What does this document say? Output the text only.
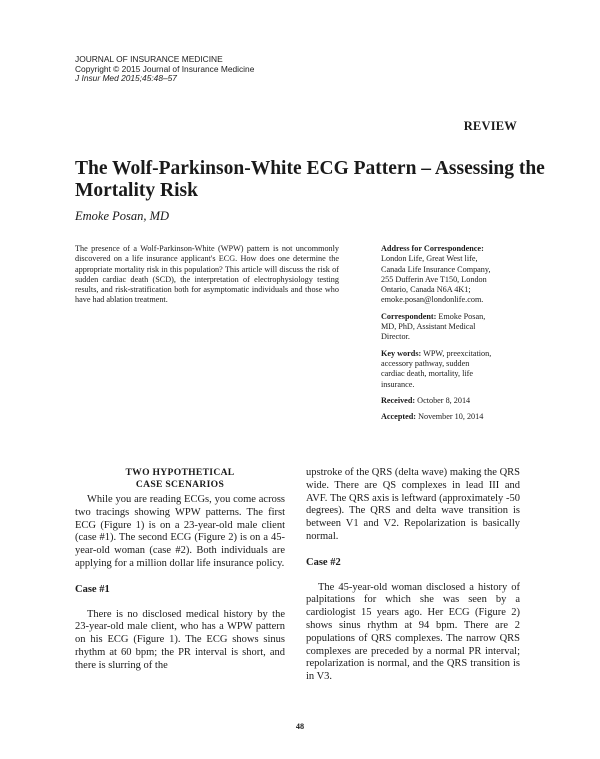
JOURNAL OF INSURANCE MEDICINE
Copyright © 2015 Journal of Insurance Medicine
J Insur Med 2015;45:48–57
REVIEW
The Wolf-Parkinson-White ECG Pattern – Assessing the Mortality Risk
Emoke Posan, MD
The presence of a Wolf-Parkinson-White (WPW) pattern is not uncommonly discovered on a life insurance applicant's ECG. How does one determine the appropriate mortality risk in this population? This article will discuss the risk of sudden cardiac death (SCD), the interpretation of electrophysiology testing results, and risk-stratification both for asymptomatic individuals and those who have had ablation treatment.
Address for Correspondence:
London Life, Great West life,
Canada Life Insurance Company,
255 Dufferin Ave T150, London
Ontario, Canada N6A 4K1;
emoke.posan@londonlife.com.
Correspondent: Emoke Posan,
MD, PhD, Assistant Medical
Director.
Key words: WPW, preexcitation,
accessory pathway, sudden
cardiac death, mortality, life
insurance.
Received: October 8, 2014
Accepted: November 10, 2014
TWO HYPOTHETICAL
CASE SCENARIOS

While you are reading ECGs, you come across two tracings showing WPW patterns. The first ECG (Figure 1) is on a 23-year-old male client (case #1). The second ECG (Figure 2) is on a 45-year-old woman (case #2). Both individuals are applying for a million dollar life insurance policy.

Case #1

There is no disclosed medical history by the 23-year-old male client, who has a WPW pattern on his ECG (Figure 1). The ECG shows sinus rhythm at 60 bpm; the PR interval is short, and there is slurring of the

upstroke of the QRS (delta wave) making the QRS wide. There are QS complexes in lead III and AVF. The QRS axis is leftward (approximately -50 degrees). The QRS and delta wave transition is between V1 and V2. Repolarization is basically normal.

Case #2

The 45-year-old woman disclosed a history of palpitations for which she was seen by a cardiologist 15 years ago. Her ECG (Figure 2) shows sinus rhythm at 94 bpm. There are 2 populations of QRS complexes. The narrow QRS complexes are preceded by a normal PR interval; repolarization is normal, and the QRS transition is in V3.

48
